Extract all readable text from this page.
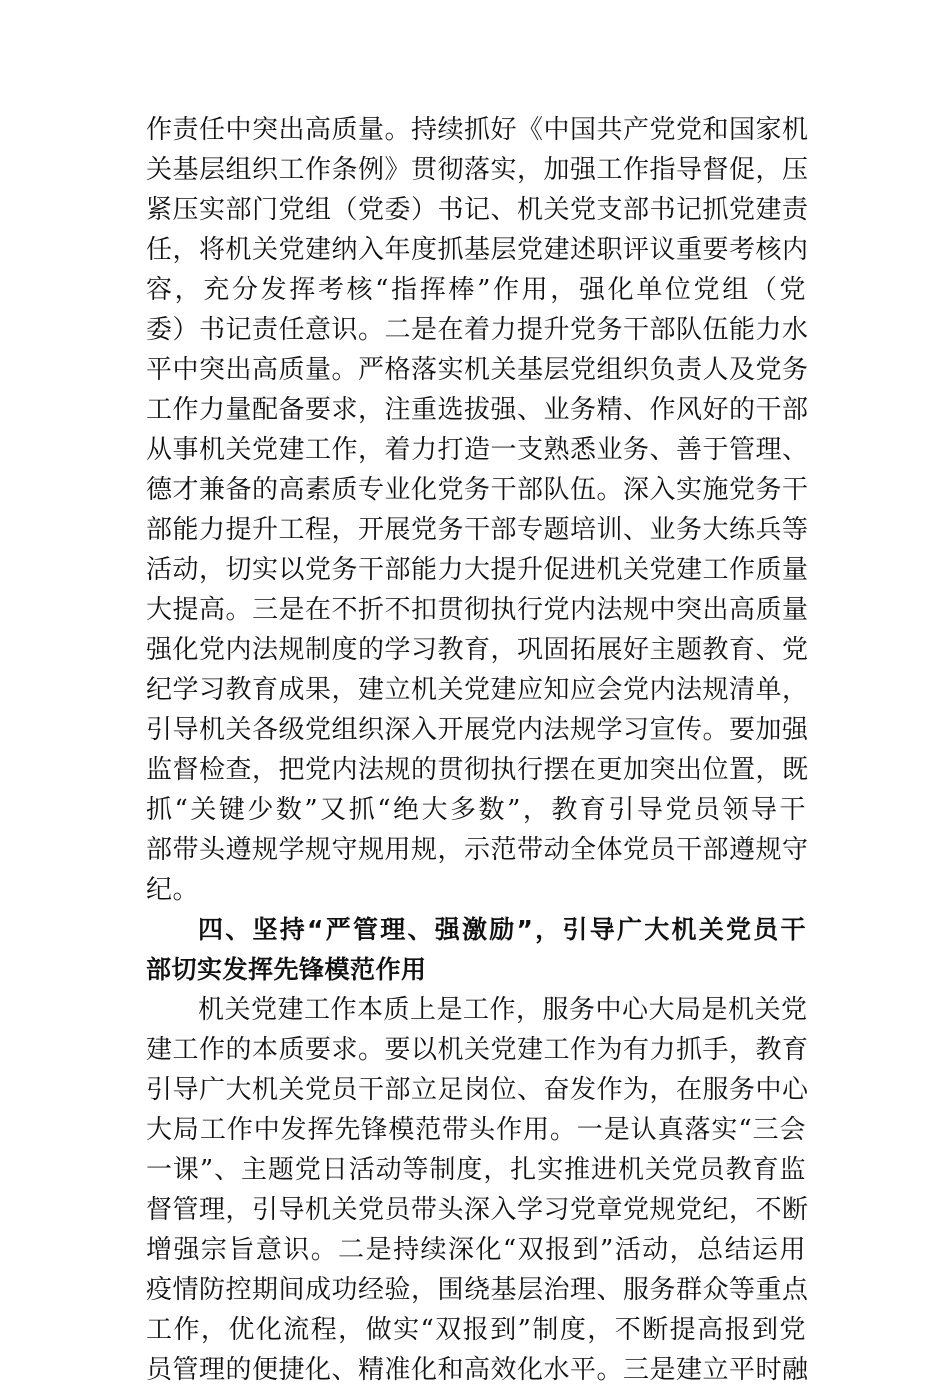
作责任中突出高质量。持续抓好《中国共产党党和国家机
关基层组织工作条例》贯彻落实，加强工作指导督促，压
紧压实部门党组（党委）书记、机关党支部书记抓党建责
任，将机关党建纳入年度抓基层党建述职评议重要考核内
容，充分发挥考核“指挥棒”作用，强化单位党组（党
委）书记责任意识。二是在着力提升党务干部队伍能力水
平中突出高质量。严格落实机关基层党组织负责人及党务
工作力量配备要求，注重选拔强、业务精、作风好的干部
从事机关党建工作，着力打造一支熟悉业务、善于管理、
德才兼备的高素质专业化党务干部队伍。深入实施党务干
部能力提升工程，开展党务干部专题培训、业务大练兵等
活动，切实以党务干部能力大提升促进机关党建工作质量
大提高。三是在不折不扣贯彻执行党内法规中突出高质量
强化党内法规制度的学习教育，巩固拓展好主题教育、党
纪学习教育成果，建立机关党建应知应会党内法规清单，
引导机关各级党组织深入开展党内法规学习宣传。要加强
监督检查，把党内法规的贯彻执行摆在更加突出位置，既
抓“关键少数”又抓“绝大多数”，教育引导党员领导干
部带头遵规学规守规用规，示范带动全体党员干部遵规守
纪。
四、坚持“严管理、强激励”，引导广大机关党员干
部切实发挥先锋模范作用
机关党建工作本质上是工作，服务中心大局是机关党
建工作的本质要求。要以机关党建工作为有力抓手，教育
引导广大机关党员干部立足岗位、奋发作为，在服务中心
大局工作中发挥先锋模范带头作用。一是认真落实“三会
一课”、主题党日活动等制度，扎实推进机关党员教育监
督管理，引导机关党员带头深入学习党章党规党纪，不断
增强宗旨意识。二是持续深化“双报到”活动，总结运用
疫情防控期间成功经验，围绕基层治理、服务群众等重点
工作，优化流程，做实“双报到”制度，不断提高报到党
员管理的便捷化、精准化和高效化水平。三是建立平时融
